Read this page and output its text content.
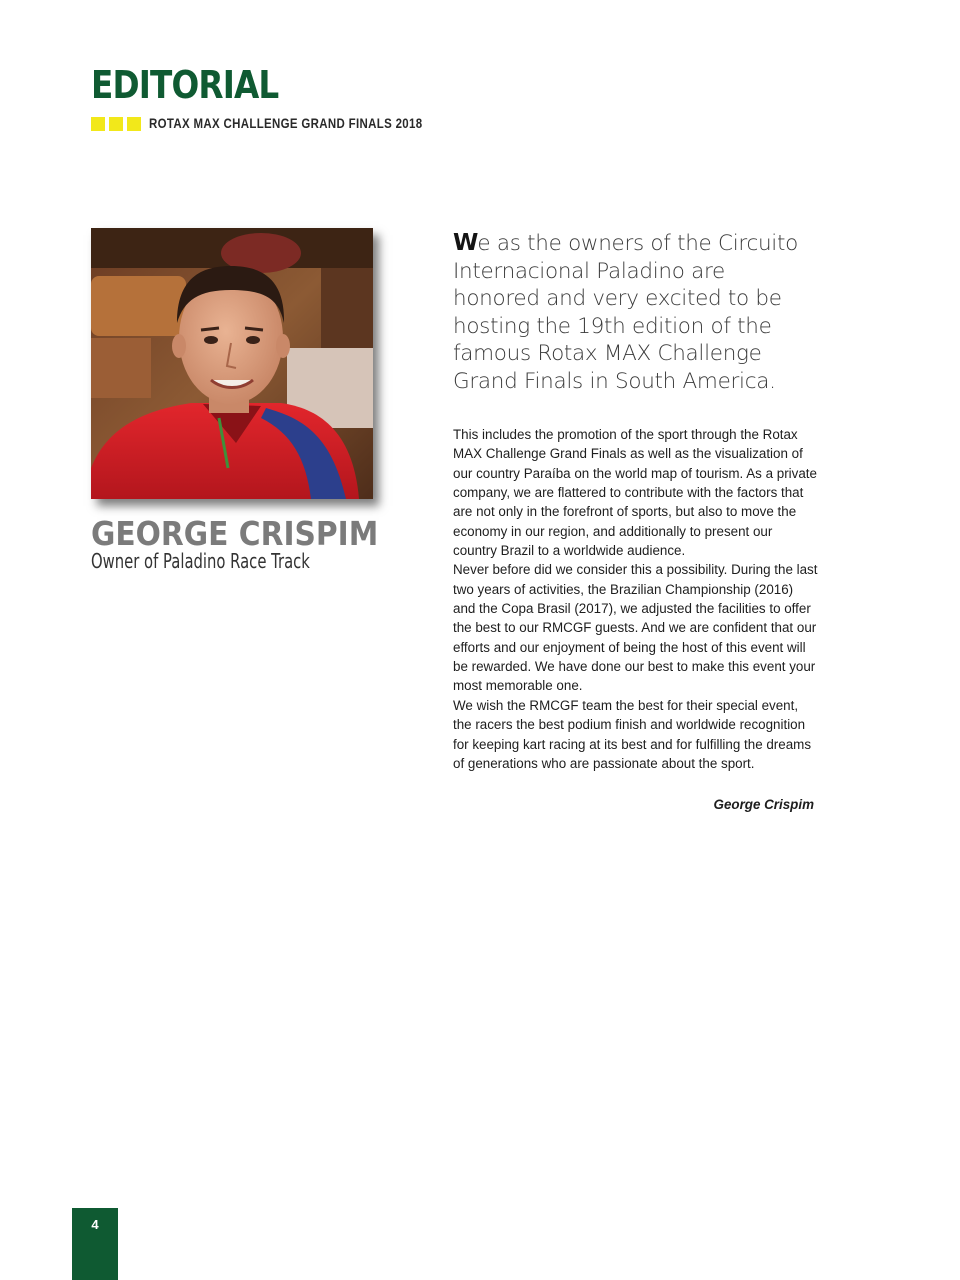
EDITORIAL
ROTAX MAX CHALLENGE GRAND FINALS 2018
GEORGE CRISPIM
Owner of Paladino Race Track

We as the owners of the Circuito Internacional Paladino are honored and very excited to be hosting the 19th edition of the famous Rotax MAX Challenge Grand Finals in South America.

This includes the promotion of the sport through the Rotax MAX Challenge Grand Finals as well as the visualization of our country Paraíba on the world map of tourism. As a private company, we are flattered to contribute with the factors that are not only in the forefront of sports, but also to move the economy in our region, and additionally to present our country Brazil to a worldwide audience.
Never before did we consider this a possibility. During the last two years of activities, the Brazilian Championship (2016) and the Copa Brasil (2017), we adjusted the facilities to offer the best to our RMCGF guests. And we are confident that our efforts and our enjoyment of being the host of this event will be rewarded. We have done our best to make this event your most memorable one.
We wish the RMCGF team the best for their special event, the racers the best podium finish and worldwide recognition for keeping kart racing at its best and for fulfilling the dreams of generations who are passionate about the sport.

George Crispim

4
